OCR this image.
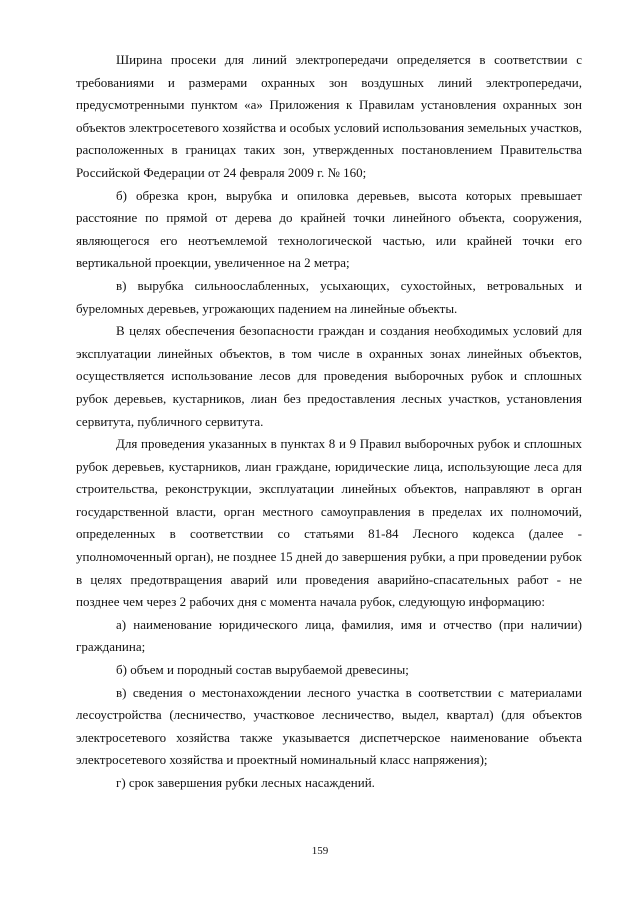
Ширина просеки для линий электропередачи определяется в соответствии с требованиями и размерами охранных зон воздушных линий электропередачи, предусмотренными пунктом «а» Приложения к Правилам установления охранных зон объектов электросетевого хозяйства и особых условий использования земельных участков, расположенных в границах таких зон, утвержденных постановлением Правительства Российской Федерации от 24 февраля 2009 г. № 160;

б) обрезка крон, вырубка и опиловка деревьев, высота которых превышает расстояние по прямой от дерева до крайней точки линейного объекта, сооружения, являющегося его неотъемлемой технологической частью, или крайней точки его вертикальной проекции, увеличенное на 2 метра;

в) вырубка сильноослабленных, усыхающих, сухостойных, ветровальных и буреломных деревьев, угрожающих падением на линейные объекты.

В целях обеспечения безопасности граждан и создания необходимых условий для эксплуатации линейных объектов, в том числе в охранных зонах линейных объектов, осуществляется использование лесов для проведения выборочных рубок и сплошных рубок деревьев, кустарников, лиан без предоставления лесных участков, установления сервитута, публичного сервитута.

Для проведения указанных в пунктах 8 и 9 Правил выборочных рубок и сплошных рубок деревьев, кустарников, лиан граждане, юридические лица, использующие леса для строительства, реконструкции, эксплуатации линейных объектов, направляют в орган государственной власти, орган местного самоуправления в пределах их полномочий, определенных в соответствии со статьями 81-84 Лесного кодекса (далее - уполномоченный орган), не позднее 15 дней до завершения рубки, а при проведении рубок в целях предотвращения аварий или проведения аварийно-спасательных работ - не позднее чем через 2 рабочих дня с момента начала рубок, следующую информацию:

а) наименование юридического лица, фамилия, имя и отчество (при наличии) гражданина;

б) объем и породный состав вырубаемой древесины;

в) сведения о местонахождении лесного участка в соответствии с материалами лесоустройства (лесничество, участковое лесничество, выдел, квартал) (для объектов электросетевого хозяйства также указывается диспетчерское наименование объекта электросетевого хозяйства и проектный номинальный класс напряжения);

г) срок завершения рубки лесных насаждений.

159
